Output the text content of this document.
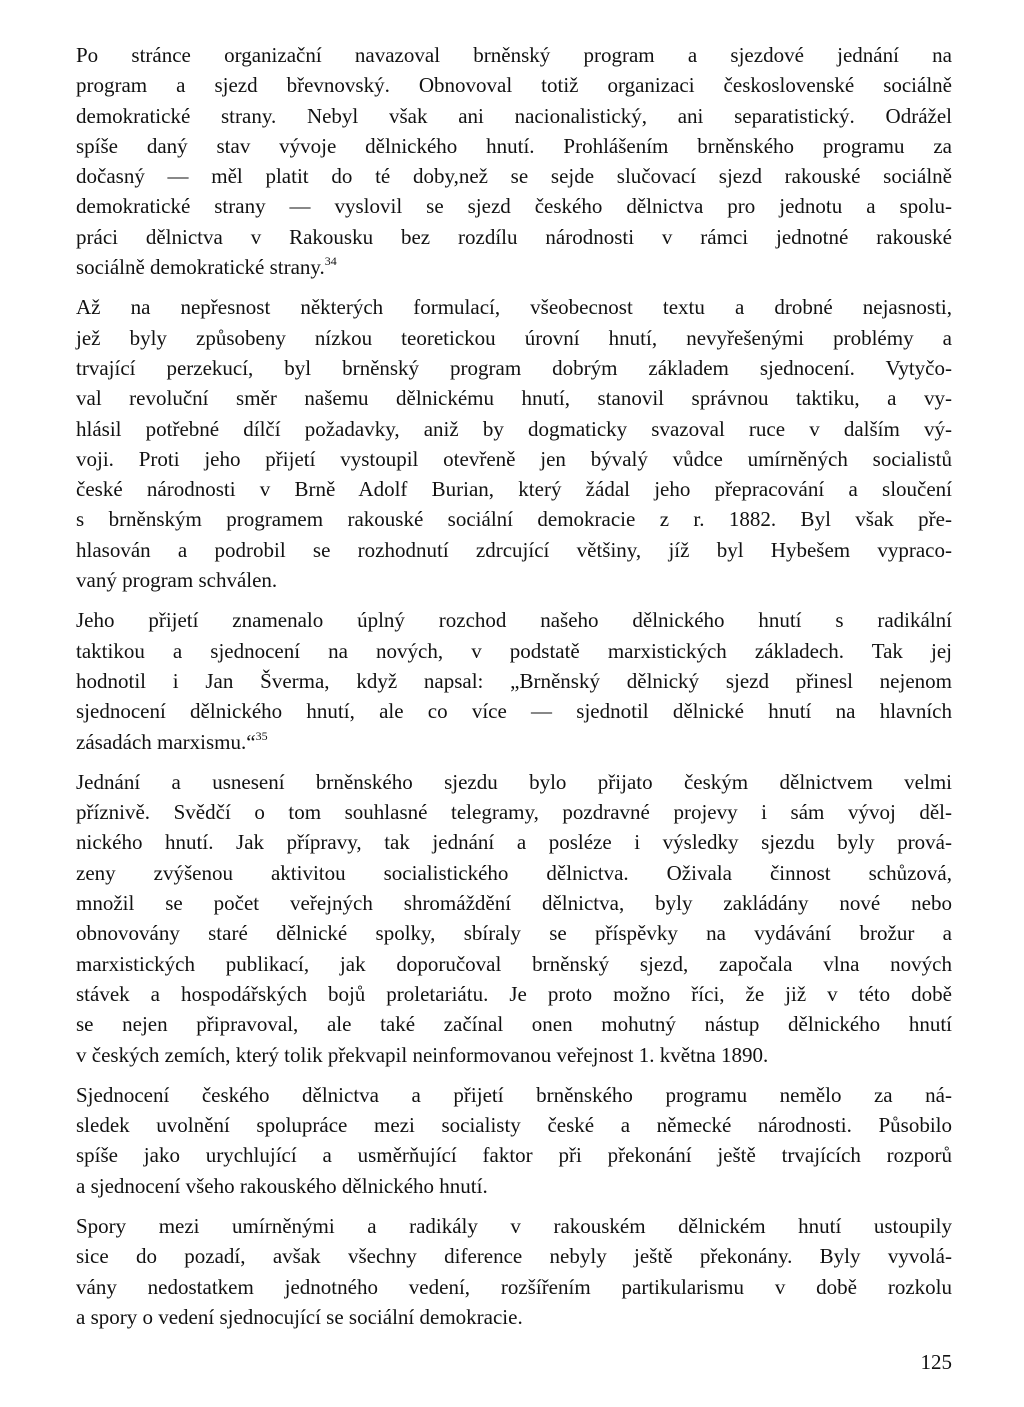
Po stránce organizační navazoval brněnský program a sjezdové jednání na
program a sjezd břevnovský. Obnovoval totiž organizaci československé sociálně
demokratické strany. Nebyl však ani nacionalistický, ani separatistický. Odrážel
spíše daný stav vývoje dělnického hnutí. Prohlášením brněnského programu za
dočasný — měl platit do té doby,než se sejde slučovací sjezd rakouské sociálně
demokratické strany — vyslovil se sjezd českého dělnictva pro jednotu a spolu-
práci dělnictva v Rakousku bez rozdílu národnosti v rámci jednotné rakouské
sociálně demokratické strany.$^{34}$

Až na nepřesnost některých formulací, všeobecnost textu a drobné nejasnosti,
jež byly způsobeny nízkou teoretickou úrovní hnutí, nevyřešenými problémy a
trvající perzekucí, byl brněnský program dobrým základem sjednocení. Vytyčo-
val revoluční směr našemu dělnickému hnutí, stanovil správnou taktiku, a vy-
hlásil potřebné dílčí požadavky, aniž by dogmaticky svazoval ruce v dalším vý-
voji. Proti jeho přijetí vystoupil otevřeně jen bývalý vůdce umírněných socialistů
české národnosti v Brně Adolf Burian, který žádal jeho přepracování a sloučení
s brněnským programem rakouské sociální demokracie z r. 1882. Byl však pře-
hlasován a podrobil se rozhodnutí zdrcující většiny, jíž byl Hybešem vypraco-
vaný program schválen.

Jeho přijetí znamenalo úplný rozchod našeho dělnického hnutí s radikální
taktikou a sjednocení na nových, v podstatě marxistických základech. Tak jej
hodnotil i Jan Šverma, když napsal: „Brněnský dělnický sjezd přinesl nejenom
sjednocení dělnického hnutí, ale co více — sjednotil dělnické hnutí na hlavních
zásadách marxismu.“$^{35}$

Jednání a usnesení brněnského sjezdu bylo přijato českým dělnictvem velmi
příznivě. Svědčí o tom souhlasné telegramy, pozdravné projevy i sám vývoj děl-
nického hnutí. Jak přípravy, tak jednání a posléze i výsledky sjezdu byly prová-
zeny zvýšenou aktivitou socialistického dělnictva. Oživala činnost schůzová,
množil se počet veřejných shromáždění dělnictva, byly zakládány nové nebo
obnovovány staré dělnické spolky, sbíraly se příspěvky na vydávání brožur a
marxistických publikací, jak doporučoval brněnský sjezd, započala vlna nových
stávek a hospodářských bojů proletariátu. Je proto možno říci, že již v této době
se nejen připravoval, ale také začínal onen mohutný nástup dělnického hnutí
v českých zemích, který tolik překvapil neinformovanou veřejnost 1. května 1890.

Sjednocení českého dělnictva a přijetí brněnského programu nemělo za ná-
sledek uvolnění spolupráce mezi socialisty české a německé národnosti. Působilo
spíše jako urychlující a usměrňující faktor při překonání ještě trvajících rozporů
a sjednocení všeho rakouského dělnického hnutí.

Spory mezi umírněnými a radikály v rakouském dělnickém hnutí ustoupily
sice do pozadí, avšak všechny diference nebyly ještě překonány. Byly vyvolá-
vány nedostatkem jednotného vedení, rozšířením partikularismu v době rozkolu
a spory o vedení sjednocující se sociální demokracie.

125
